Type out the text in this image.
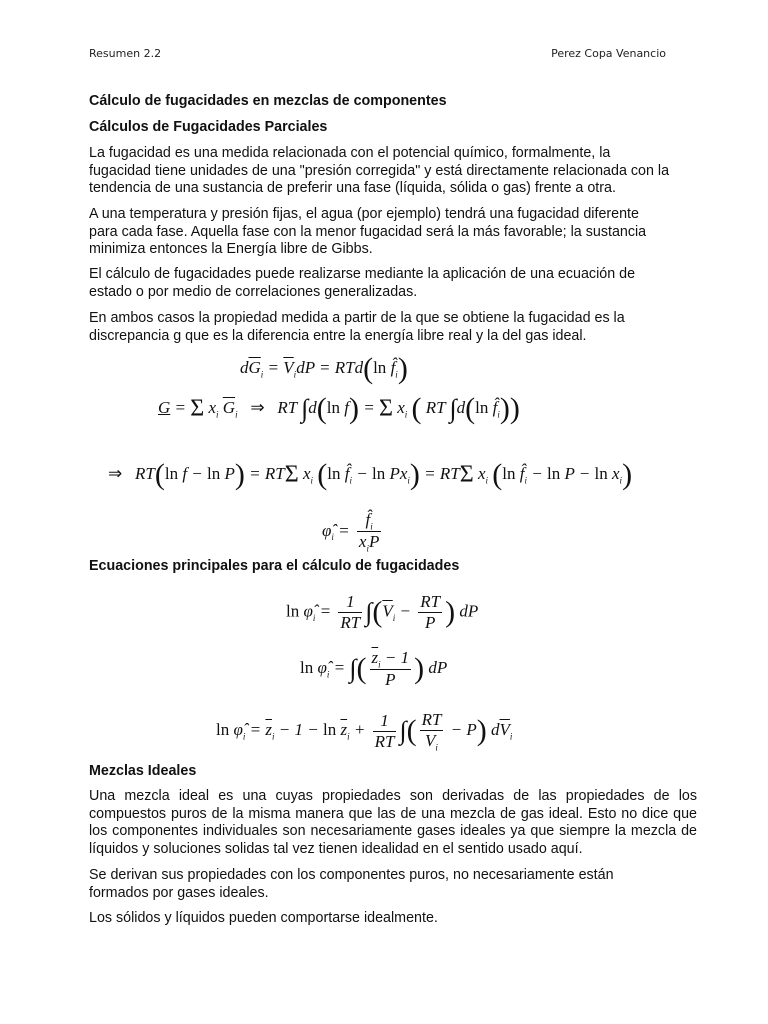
Resumen 2.2	Perez Copa Venancio
Cálculo de fugacidades en mezclas de componentes
Cálculos de Fugacidades Parciales
La fugacidad es una medida relacionada con el potencial químico, formalmente, la fugacidad tiene unidades de una "presión corregida" y está directamente relacionada con la tendencia de una sustancia de preferir una fase (líquida, sólida o gas) frente a otra.
A una temperatura y presión fijas, el agua (por ejemplo) tendrá una fugacidad diferente para cada fase. Aquella fase con la menor fugacidad será la más favorable; la sustancia minimiza entonces la Energía libre de Gibbs.
El cálculo de fugacidades puede realizarse mediante la aplicación de una ecuación de estado o por medio de correlaciones generalizadas.
En ambos casos la propiedad medida a partir de la que se obtiene la fugacidad es la discrepancia g que es la diferencia entre la energía libre real y la del gas ideal.
$d\overline{G}_i = \overline{V}_idP = RTd(\ln$ $f̂_i$)
G = Σ $x_i$ $\overline{G}_i$   ⇒   RT ∫d(ln f) = Σ $x_i$ ( RT ∫d(ln $f̂_i$))
⇒   RT(ln f − ln P) = RTΣ $x_i$ (ln $f̂_i - \ln Px_i) = RT\Sigma$ $x_i$ (ln $f̂_i - \ln P - \ln x_i$)
$\varphî_i = \frac{f̂_i}{x_iP}$
Ecuaciones principales para el cálculo de fugacidades
$\ln \varphî_i = \frac{1}{RT} \int(\overline{V}_i - \frac{RT}{P}$ ) dP
$\ln \varphî_i$ = ∫( $\frac{\overline{z}_i - 1}{P}$ ) dP
$\ln \varphî_i = \overline{z}_i - 1 - \ln \overline{z}_i + \frac{1}{RT}$ ∫( $\frac{RT}{\overline{V}_i} - P$) $d\overline{V}_i$
Mezclas Ideales
Una mezcla ideal es una cuyas propiedades son derivadas de las propiedades de los compuestos puros de la misma manera que las de una mezcla de gas ideal. Esto no dice que los componentes individuales son necesariamente gases ideales ya que siempre la mezcla de líquidos y soluciones solidas tal vez tienen idealidad en el sentido usado aquí.
Se derivan sus propiedades con los componentes puros, no necesariamente están formados por gases ideales.
Los sólidos y líquidos pueden comportarse idealmente.
